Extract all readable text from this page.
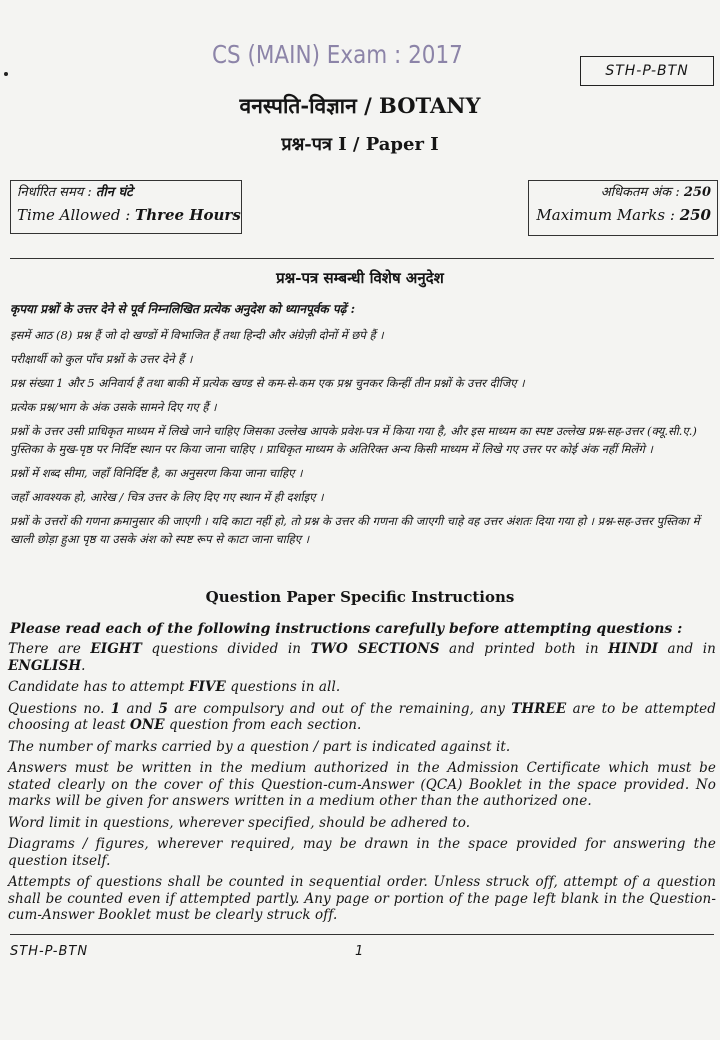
CS (MAIN) Exam : 2017
STH-P-BTN
वनस्पति-विज्ञान / BOTANY
प्रश्न-पत्र I / Paper I
निर्धारित समय : तीन घंटे
Time Allowed : Three Hours
अधिकतम अंक : 250
Maximum Marks : 250
प्रश्न-पत्र सम्बन्धी विशेष अनुदेश
कृपया प्रश्नों के उत्तर देने से पूर्व निम्नलिखित प्रत्येक अनुदेश को ध्यानपूर्वक पढ़ें :
इसमें आठ (8) प्रश्न हैं जो दो खण्डों में विभाजित हैं तथा हिन्दी और अंग्रेज़ी दोनों में छपे हैं ।
परीक्षार्थी को कुल पाँच प्रश्नों के उत्तर देने हैं ।
प्रश्न संख्या 1 और 5 अनिवार्य हैं तथा बाकी में प्रत्येक खण्ड से कम-से-कम एक प्रश्न चुनकर किन्हीं तीन प्रश्नों के उत्तर दीजिए ।
प्रत्येक प्रश्न/भाग के अंक उसके सामने दिए गए हैं ।
प्रश्नों के उत्तर उसी प्राधिकृत माध्यम में लिखे जाने चाहिए जिसका उल्लेख आपके प्रवेश-पत्र में किया गया है, और इस माध्यम का स्पष्ट उल्लेख प्रश्न-सह-उत्तर (क्यू.सी.ए.) पुस्तिका के मुख-पृष्ठ पर निर्दिष्ट स्थान पर किया जाना चाहिए । प्राधिकृत माध्यम के अतिरिक्त अन्य किसी माध्यम में लिखे गए उत्तर पर कोई अंक नहीं मिलेंगे ।
प्रश्नों में शब्द सीमा, जहाँ विनिर्दिष्ट है, का अनुसरण किया जाना चाहिए ।
जहाँ आवश्यक हो, आरेख / चित्र उत्तर के लिए दिए गए स्थान में ही दर्शाइए ।
प्रश्नों के उत्तरों की गणना क्रमानुसार की जाएगी । यदि काटा नहीं हो, तो प्रश्न के उत्तर की गणना की जाएगी चाहे वह उत्तर अंशतः दिया गया हो । प्रश्न-सह-उत्तर पुस्तिका में खाली छोड़ा हुआ पृष्ठ या उसके अंश को स्पष्ट रूप से काटा जाना चाहिए ।
Question Paper Specific Instructions
Please read each of the following instructions carefully before attempting questions :
There are EIGHT questions divided in TWO SECTIONS and printed both in HINDI and in ENGLISH.
Candidate has to attempt FIVE questions in all.
Questions no. 1 and 5 are compulsory and out of the remaining, any THREE are to be attempted choosing at least ONE question from each section.
The number of marks carried by a question / part is indicated against it.
Answers must be written in the medium authorized in the Admission Certificate which must be stated clearly on the cover of this Question-cum-Answer (QCA) Booklet in the space provided. No marks will be given for answers written in a medium other than the authorized one.
Word limit in questions, wherever specified, should be adhered to.
Diagrams / figures, wherever required, may be drawn in the space provided for answering the question itself.
Attempts of questions shall be counted in sequential order. Unless struck off, attempt of a question shall be counted even if attempted partly. Any page or portion of the page left blank in the Question-cum-Answer Booklet must be clearly struck off.
STH-P-BTN	1
